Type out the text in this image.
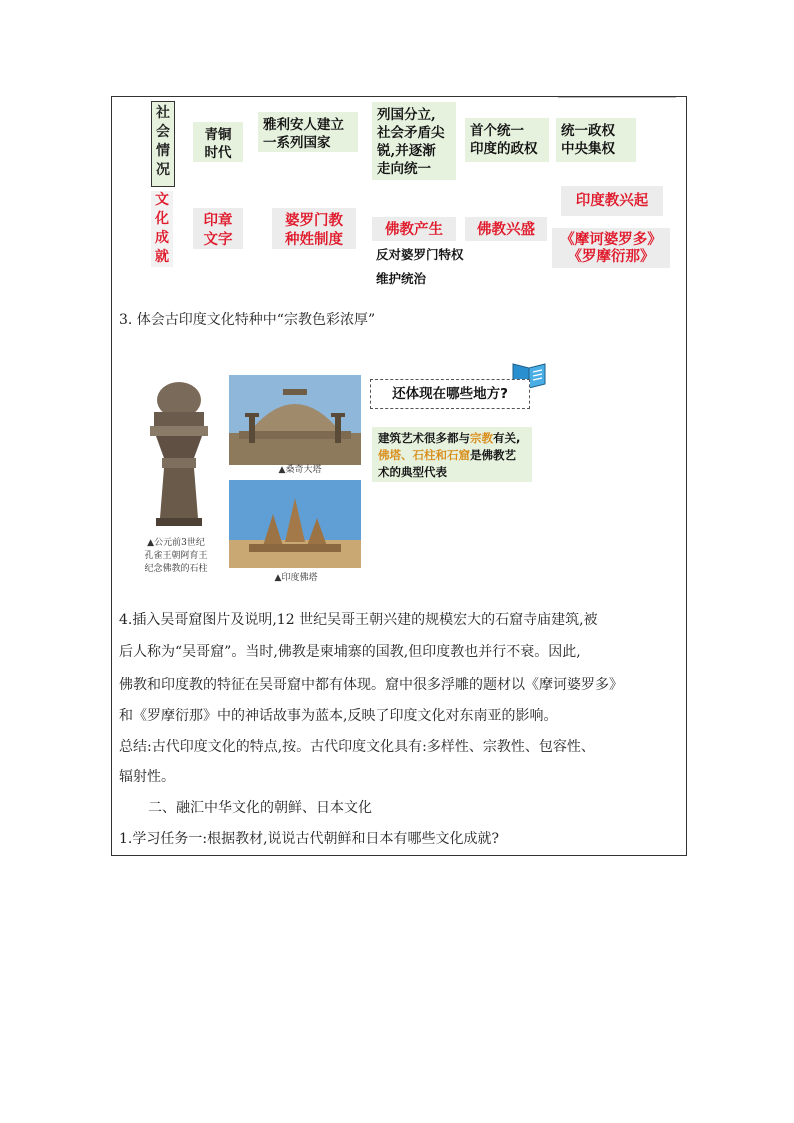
社
会
情
况
文
化
成
就
青铜
时代
雅利安人建立
一系列国家
列国分立,
社会矛盾尖
锐,并逐渐
走向统一
首个统一
印度的政权
统一政权
中央集权
印章
文字
婆罗门教
种姓制度
佛教产生	佛教兴盛
印度教兴起
《摩诃婆罗多》
《罗摩衍那》
反对婆罗门特权
维护统治
3. 体会古印度文化特种中“宗教色彩浓厚”
▲公元前3世纪
孔雀王朝阿育王
纪念佛教的石柱
▲桑奇大塔
▲印度佛塔
还体现在哪些地方?
建筑艺术很多都与宗教有关,佛塔、石柱和石窟是佛教艺术的典型代表
4.插入吴哥窟图片及说明,12 世纪吴哥王朝兴建的规模宏大的石窟寺庙建筑,被
后人称为“吴哥窟”。当时,佛教是柬埔寨的国教,但印度教也并行不衰。因此,
佛教和印度教的特征在吴哥窟中都有体现。窟中很多浮雕的题材以《摩诃婆罗多》
和《罗摩衍那》中的神话故事为蓝本,反映了印度文化对东南亚的影响。
总结:古代印度文化的特点,按。古代印度文化具有:多样性、宗教性、包容性、
辐射性。
二、融汇中华文化的朝鲜、日本文化
1.学习任务一:根据教材,说说古代朝鲜和日本有哪些文化成就?
